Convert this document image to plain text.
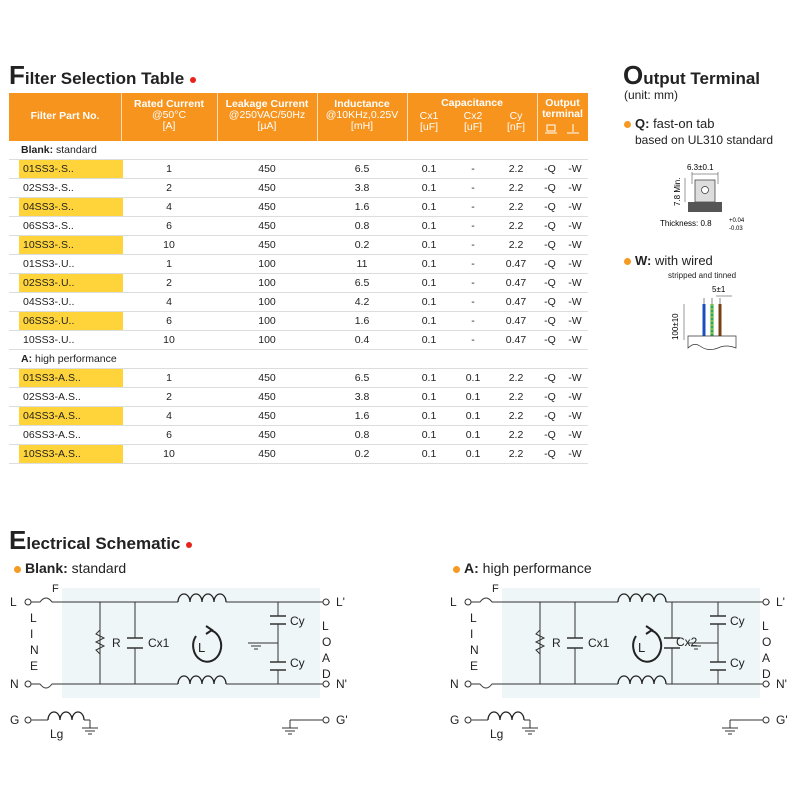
Filter Selection Table
Filter Part No.
Rated Current
@50°C
[A]
Leakage Current
@250VAC/50Hz
[µA]
Inductance
@10KHz,0.25V
[mH]
Capacitance
Cx1
[uF]
Cx2
[uF]
Cy
[nF]
Output
terminal
Blank: standard
01SS3-.S..	1	450	6.5	0.1	-	2.2	-Q	-W
02SS3-.S..	2	450	3.8	0.1	-	2.2	-Q	-W
04SS3-.S..	4	450	1.6	0.1	-	2.2	-Q	-W
06SS3-.S..	6	450	0.8	0.1	-	2.2	-Q	-W
10SS3-.S..	10	450	0.2	0.1	-	2.2	-Q	-W
01SS3-.U..	1	100	11	0.1	-	0.47	-Q	-W
02SS3-.U..	2	100	6.5	0.1	-	0.47	-Q	-W
04SS3-.U..	4	100	4.2	0.1	-	0.47	-Q	-W
06SS3-.U..	6	100	1.6	0.1	-	0.47	-Q	-W
10SS3-.U..	10	100	0.4	0.1	-	0.47	-Q	-W
A: high performance
01SS3-A.S..	1	450	6.5	0.1	0.1	2.2	-Q	-W
02SS3-A.S..	2	450	3.8	0.1	0.1	2.2	-Q	-W
04SS3-A.S..	4	450	1.6	0.1	0.1	2.2	-Q	-W
06SS3-A.S..	6	450	0.8	0.1	0.1	2.2	-Q	-W
10SS3-A.S..	10	450	0.2	0.1	0.1	2.2	-Q	-W
Output Terminal
(unit: mm)
Q: fast-on tab
based on UL310 standard
6.3±0.1
7.8 Min.
Thickness: 0.8	+0.04
-0.03
W: with wired
stripped and tinned
5±1
100±10
Electrical Schematic
Blank: standard	A: high performance
L
N
L
I
N
E
F
R Cx1 L
Cy
Cy
L'
N'
L
O
A
D
G
Lg
G'
L
N
L
I
N
E
F
R Cx1 L	Cx2
Cy
Cy
L'
N'
L
O
A
D
G
Lg
G'
